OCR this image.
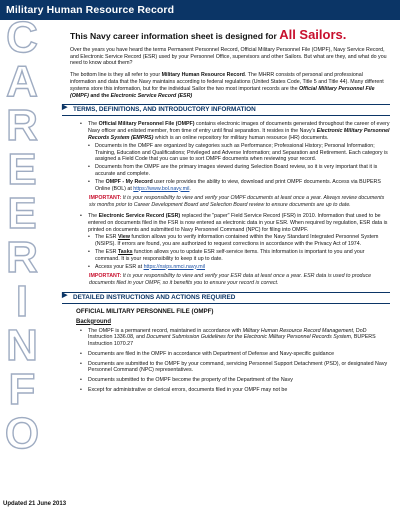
Military Human Resource Record
C
A
R
E
E
R
I
N
F
O
This Navy career information sheet is designed for All Sailors.

Over the years you have heard the terms Permanent Personnel Record, Official Military Personnel File (OMPF), Navy Service Record, and Electronic Service Record (ESR) used by your Personnel Office, supervisors and other Sailors. But what are they, and what do you need to know about them?

The bottom line is they all refer to your Military Human Resource Record. The MHRR consists of personal and professional information and data that the Navy maintains according to federal regulations (United States Code, Title 5 and Title 44). Many different systems store this information, but for the individual Sailor the two most important records are the Official Military Personnel File (OMPF) and the Electronic Service Record (ESR)

▶ TERMS, DEFINITIONS, AND INTRODUCTORY INFORMATION
• The Official Military Personnel File (OMPF) contains electronic images of documents generated throughout the career of every Navy officer and enlisted member, from time of entry until final separation. It resides in the Navy's Electronic Military Personnel Records System (EMPRS) which is an online repository for military human resource (HR) documents.
• Documents in the OMPF are organized by categories such as Performance; Professional History; Personal Information; Training, Education and Qualifications; Privileged and Adverse Information; and Separation and Retirement. Each category is assigned a Field Code that you can use to sort OMPF documents when reviewing your record.
• Documents from the OMPF are the primary images viewed during Selection Board review, so it is very important that it is accurate and complete.
• The OMPF - My Record user role provides the ability to view, download and print OMPF documents. Access via BUPERS Online (BOL) at https://www.bol.navy.mil.
IMPORTANT: It is your responsibility to view and verify your OMPF documents at least once a year. Always review documents six months prior to Career Development Board and Selection Board review to ensure documents are up to date.
• The Electronic Service Record (ESR) replaced the "paper" Field Service Record (FSR) in 2010. Information that used to be entered on documents filed in the FSR is now entered as electronic data in your ESR. When required by regulation, ESR data is printed on documents and submitted to Navy Personnel Command (NPC) for filing into OMPF.
• The ESR View function allows you to verify information contained within the Navy Standard Integrated Personnel System (NSIPS). If errors are found, you are authorized to request corrections in accordance with the Privacy Act of 1974.
• The ESR Tasks function allows you to update ESR self-service items. This information is important to you and your command. It is your responsibility to keep it up to date.
• Access your ESR at https://nsips.nmci.navy.mil
IMPORTANT: It is your responsibility to view and verify your ESR data at least once a year. ESR data is used to produce documents filed in your OMPF, so it benefits you to ensure your record is correct.
▶ DETAILED INSTRUCTIONS AND ACTIONS REQUIRED
OFFICIAL MILITARY PERSONNEL FILE (OMPF)
Background
• The OMPF is a permanent record, maintained in accordance with Military Human Resource Record Management, DoD Instruction 1336.08, and Document Submission Guidelines for the Electronic Military Personnel Records System, BUPERS Instruction 1070.27
• Documents are filed in the OMPF in accordance with Department of Defense and Navy-specific guidance
• Documents are submitted to the OMPF by your command, servicing Personnel Support Detachment (PSD), or designated Navy Personnel Command (NPC) representatives.
• Documents submitted to the OMPF become the property of the Department of the Navy
• Except for administrative or clerical errors, documents filed in your OMPF may not be
Updated 21 June 2013
